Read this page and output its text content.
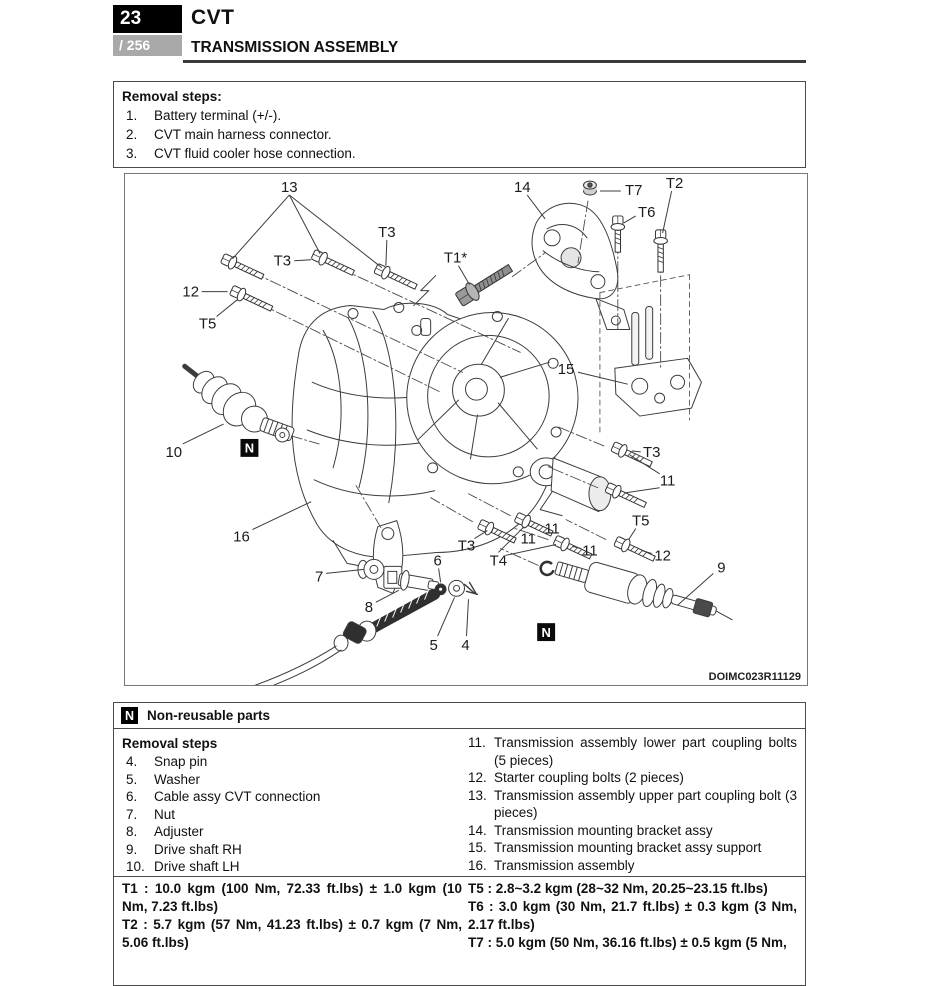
23
/ 256
CVT
TRANSMISSION ASSEMBLY
Removal steps:
1. Battery terminal (+/-).
2. CVT main harness connector.
3. CVT fluid cooler hose connection.
N
N
13
T3
T3
T1*
14	T7
T6
T2
12
T5
15
10
16
T3
11
T5
12
11
T3
T4
11
11
7
6
8
5 4
9
DOIMC023R11129
N Non-reusable parts
Removal steps
4. Snap pin
5. Washer
6. Cable assy CVT connection
7. Nut
8. Adjuster
9. Drive shaft RH
10. Drive shaft LH
11. Transmission assembly lower part coupling bolts (5 pieces)
12. Starter coupling bolts (2 pieces)
13. Transmission assembly upper part coupling bolt (3 pieces)
14. Transmission mounting bracket assy
15. Transmission mounting bracket assy support
16. Transmission assembly
T1 : 10.0 kgm (100 Nm, 72.33 ft.lbs) ± 1.0 kgm (10 Nm, 7.23 ft.lbs)
T2 : 5.7 kgm (57 Nm, 41.23 ft.lbs) ± 0.7 kgm (7 Nm, 5.06 ft.lbs)
T5 : 2.8~3.2 kgm (28~32 Nm, 20.25~23.15 ft.lbs)
T6 : 3.0 kgm (30 Nm, 21.7 ft.lbs) ± 0.3 kgm (3 Nm, 2.17 ft.lbs)
T7 : 5.0 kgm (50 Nm, 36.16 ft.lbs) ± 0.5 kgm (5 Nm,
